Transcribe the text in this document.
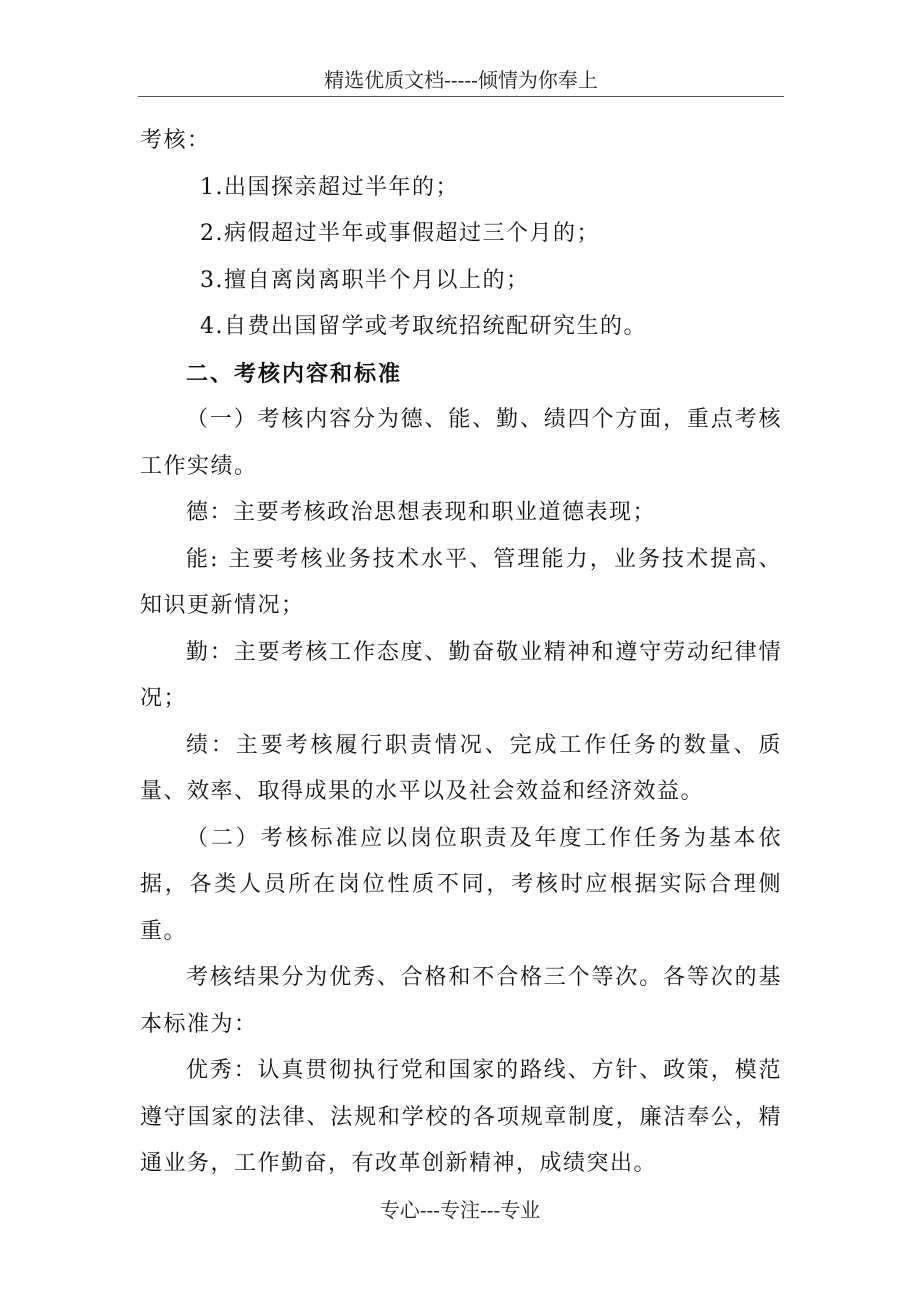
精选优质文档-----倾情为你奉上

考核：

1.出国探亲超过半年的；

2.病假超过半年或事假超过三个月的；

3.擅自离岗离职半个月以上的；

4.自费出国留学或考取统招统配研究生的。

二、考核内容和标准

（一）考核内容分为德、能、勤、绩四个方面，重点考核工作实绩。

德：主要考核政治思想表现和职业道德表现；

能: 主要考核业务技术水平、管理能力，业务技术提高、知识更新情况；

勤：主要考核工作态度、勤奋敬业精神和遵守劳动纪律情况；

绩：主要考核履行职责情况、完成工作任务的数量、质量、效率、取得成果的水平以及社会效益和经济效益。

（二）考核标准应以岗位职责及年度工作任务为基本依据，各类人员所在岗位性质不同，考核时应根据实际合理侧重。

考核结果分为优秀、合格和不合格三个等次。各等次的基本标准为：

优秀：认真贯彻执行党和国家的路线、方针、政策，模范遵守国家的法律、法规和学校的各项规章制度，廉洁奉公，精通业务，工作勤奋，有改革创新精神，成绩突出。

专心---专注---专业
